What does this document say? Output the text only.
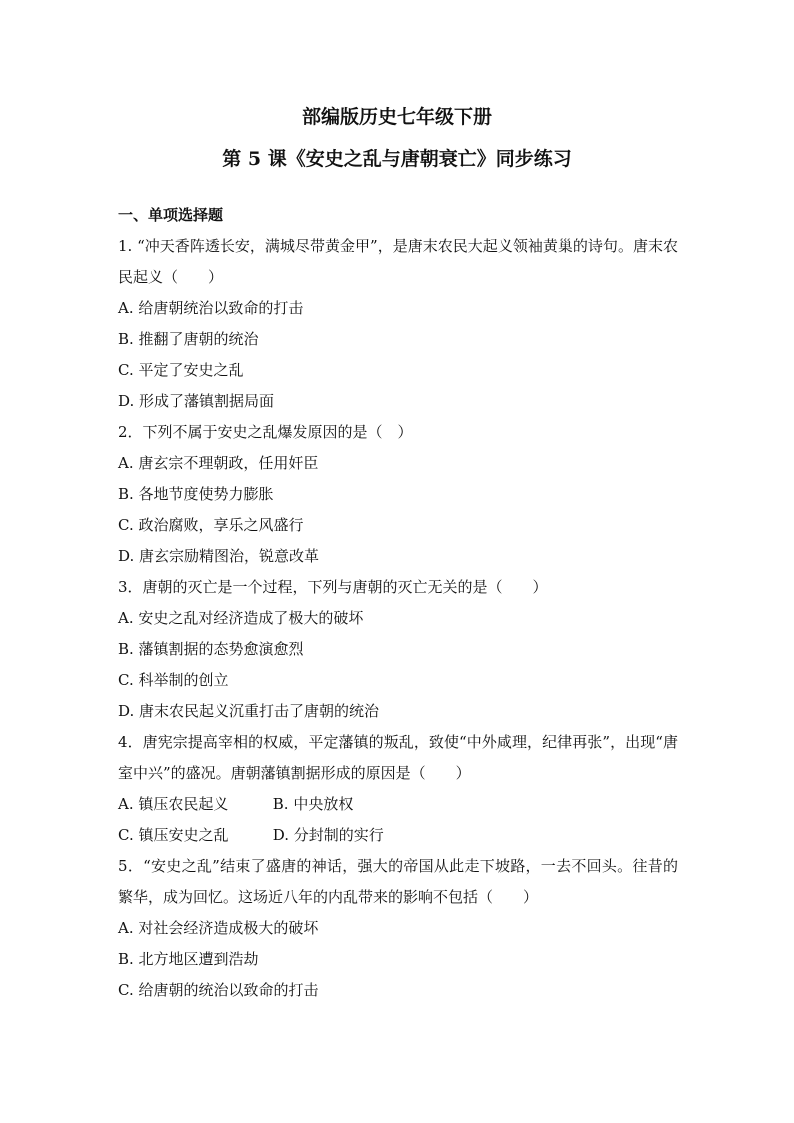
部编版历史七年级下册
第 5 课《安史之乱与唐朝衰亡》同步练习

一、单项选择题

1. “冲天香阵透长安，满城尽带黄金甲”，是唐末农民大起义领袖黄巢的诗句。唐末农民起义（　　）

A. 给唐朝统治以致命的打击

B. 推翻了唐朝的统治

C. 平定了安史之乱

D. 形成了藩镇割据局面

2．下列不属于安史之乱爆发原因的是（　）

A. 唐玄宗不理朝政，任用奸臣

B. 各地节度使势力膨胀

C. 政治腐败，享乐之风盛行

D. 唐玄宗励精图治，锐意改革

3．唐朝的灭亡是一个过程，下列与唐朝的灭亡无关的是（　　）

A. 安史之乱对经济造成了极大的破坏

B. 藩镇割据的态势愈演愈烈

C. 科举制的创立

D. 唐末农民起义沉重打击了唐朝的统治

4．唐宪宗提高宰相的权威，平定藩镇的叛乱，致使“中外咸理，纪律再张”，出现“唐室中兴”的盛况。唐朝藩镇割据形成的原因是（　　）

A. 镇压农民起义	B. 中央放权

C. 镇压安史之乱	D. 分封制的实行

5．“安史之乱”结束了盛唐的神话，强大的帝国从此走下坡路，一去不回头。往昔的繁华，成为回忆。这场近八年的内乱带来的影响不包括（　　）

A. 对社会经济造成极大的破坏

B. 北方地区遭到浩劫

C. 给唐朝的统治以致命的打击
